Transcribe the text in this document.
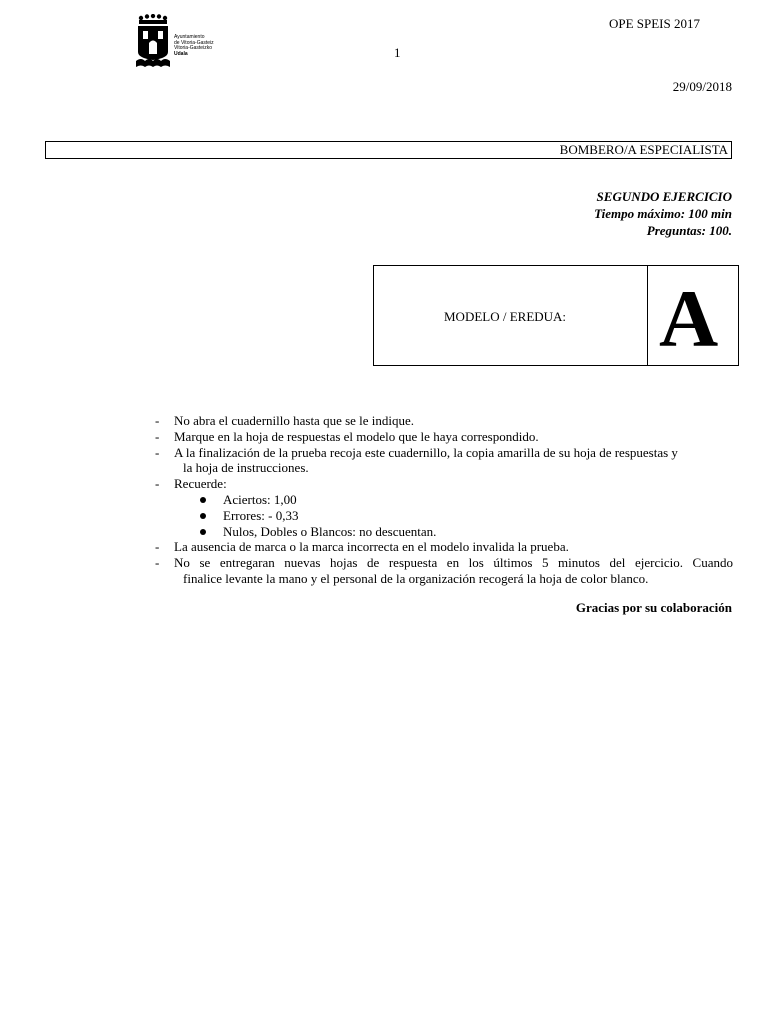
Ayuntamiento
de Vitoria-Gasteiz
Vitoria-Gasteizko
Udala
OPE SPEIS 2017
1
29/09/2018
BOMBERO/A ESPECIALISTA
SEGUNDO EJERCICIO
Tiempo máximo: 100 min
Preguntas: 100.
MODELO / EREDUA: A
- No abra el cuadernillo hasta que se le indique.
- Marque en la hoja de respuestas el modelo que le haya correspondido.
- A la finalización de la prueba recoja este cuadernillo, la copia amarilla de su hoja de respuestas y
la hoja de instrucciones.
- Recuerde:
Aciertos: 1,00
Errores: - 0,33
Nulos, Dobles o Blancos: no descuentan.
- La ausencia de marca o la marca incorrecta en el modelo invalida la prueba.
- No se entregaran nuevas hojas de respuesta en los últimos 5 minutos del ejercicio. Cuando
finalice levante la mano y el personal de la organización recogerá la hoja de color blanco.
Gracias por su colaboración
